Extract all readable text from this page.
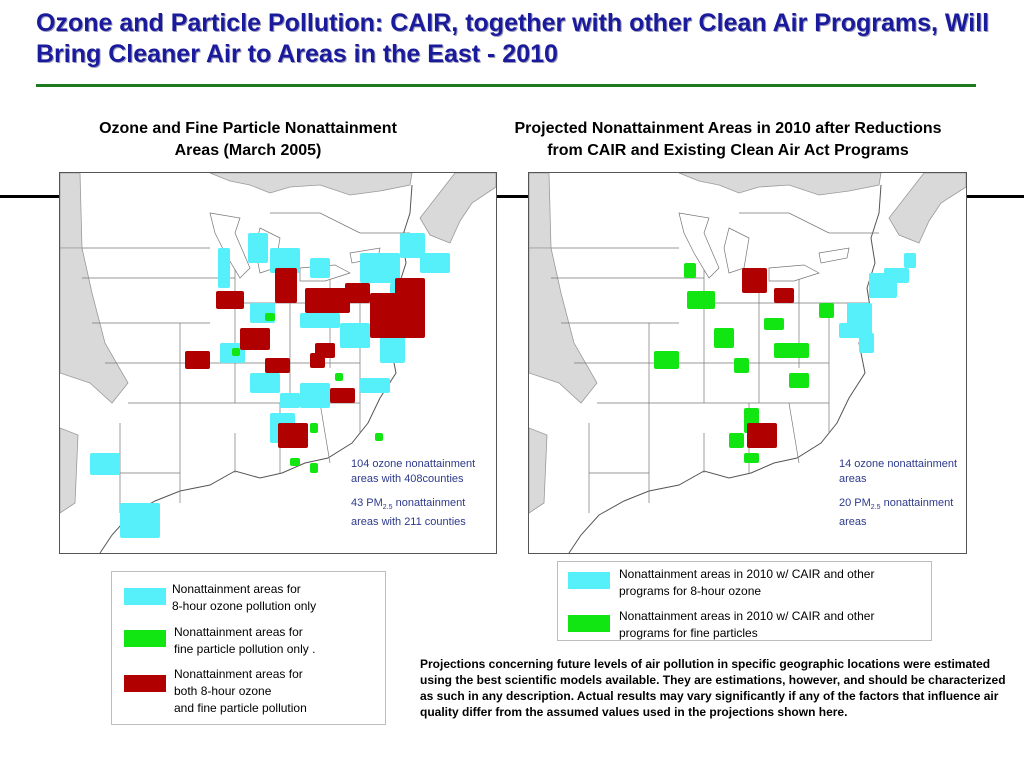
Ozone and Particle Pollution: CAIR, together with other Clean Air Programs, Will Bring Cleaner Air to Areas in the East - 2010

Ozone and Fine Particle Nonattainment
Areas (March 2005)

Projected Nonattainment Areas in 2010 after Reductions
from CAIR and Existing Clean Air Act Programs

104 ozone nonattainment areas with 408counties

43 $PM_{2.5}$ nonattainment areas with 211 counties

14 ozone nonattainment areas

20 $PM_{2.5}$ nonattainment areas

Nonattainment areas for
8-hour ozone pollution only
Nonattainment areas for
fine particle pollution only .
Nonattainment areas for
both 8-hour ozone
and fine particle pollution
Nonattainment areas in 2010 w/ CAIR and other
programs for 8-hour ozone
Nonattainment areas in 2010 w/ CAIR and other
programs for fine particles

Projections concerning future levels of air pollution in specific geographic locations were estimated using the best scientific models available. They are estimations, however, and should be characterized as such in any description. Actual results may vary significantly if any of the factors that influence air quality differ from the assumed values used in the projections shown here.
